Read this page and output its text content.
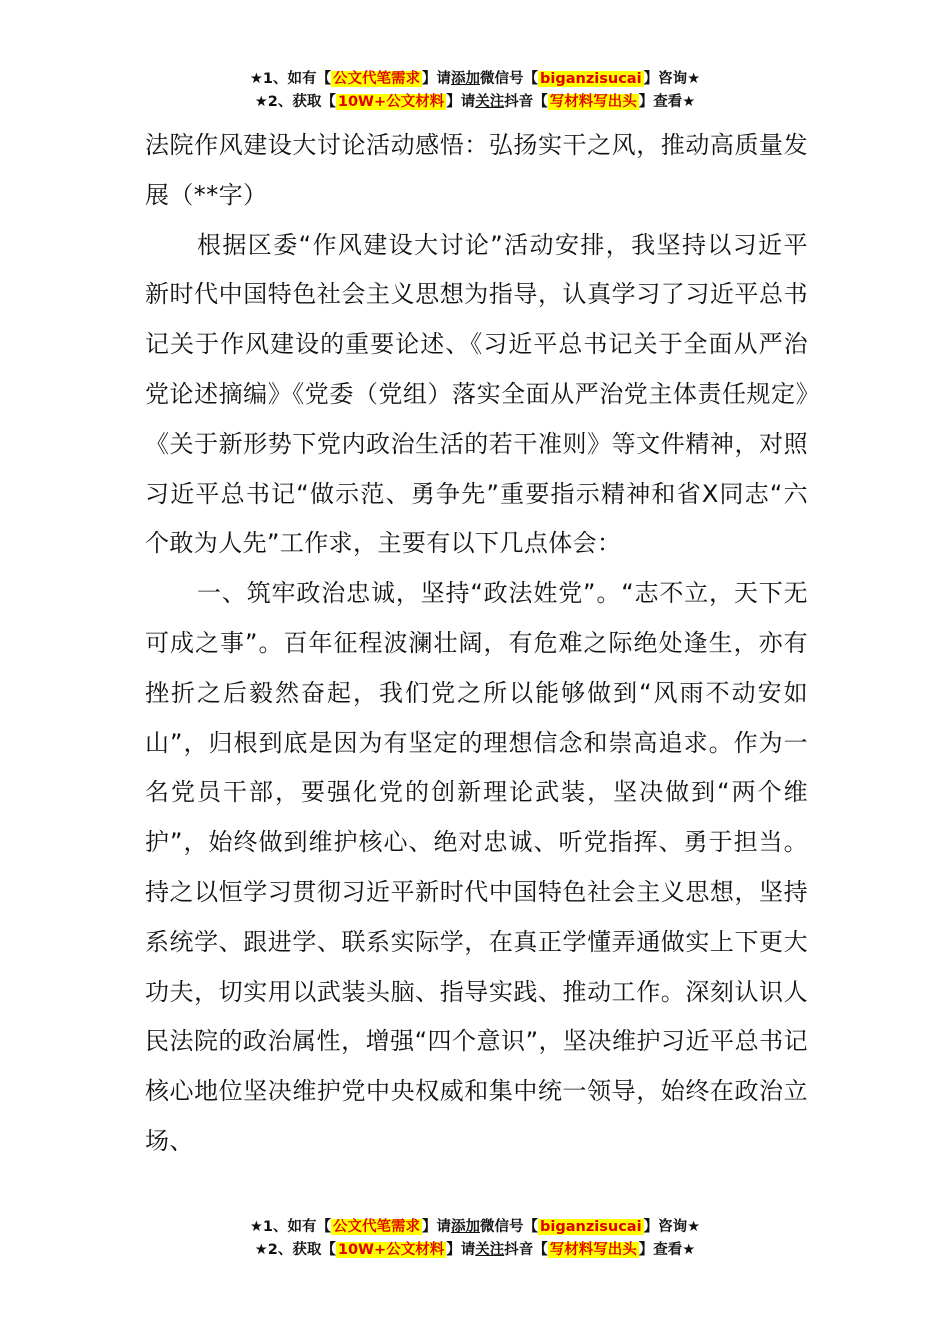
★1、如有【 公文代笔需求 】请添加微信号【 biganzisucai 】咨询★
★2、获取【 10W+公文材料 】请关注抖音【 写材料写出头 】查看★

法院作风建设大讨论活动感悟：弘扬实干之风，推动高质量发展（**字）

根据区委“作风建设大讨论”活动安排，我坚持以习近平新时代中国特色社会主义思想为指导，认真学习了习近平总书记关于作风建设的重要论述、《习近平总书记关于全面从严治党论述摘编》《党委（党组）落实全面从严治党主体责任规定》《关于新形势下党内政治生活的若干准则》等文件精神，对照习近平总书记“做示范、勇争先”重要指示精神和省X同志“六个敢为人先”工作求，主要有以下几点体会：

一、筑牢政治忠诚，坚持“政法姓党”。“志不立，天下无可成之事”。百年征程波澜壮阔，有危难之际绝处逢生，亦有挫折之后毅然奋起，我们党之所以能够做到“风雨不动安如山”，归根到底是因为有坚定的理想信念和崇高追求。作为一名党员干部，要强化党的创新理论武装，坚决做到“两个维护”，始终做到维护核心、绝对忠诚、听党指挥、勇于担当。持之以恒学习贯彻习近平新时代中国特色社会主义思想，坚持系统学、跟进学、联系实际学，在真正学懂弄通做实上下更大功夫，切实用以武装头脑、指导实践、推动工作。深刻认识人民法院的政治属性，增强“四个意识”，坚决维护习近平总书记核心地位坚决维护党中央权威和集中统一领导，始终在政治立场、

★1、如有【 公文代笔需求 】请添加微信号【 biganzisucai 】咨询★
★2、获取【 10W+公文材料 】请关注抖音【 写材料写出头 】查看★
